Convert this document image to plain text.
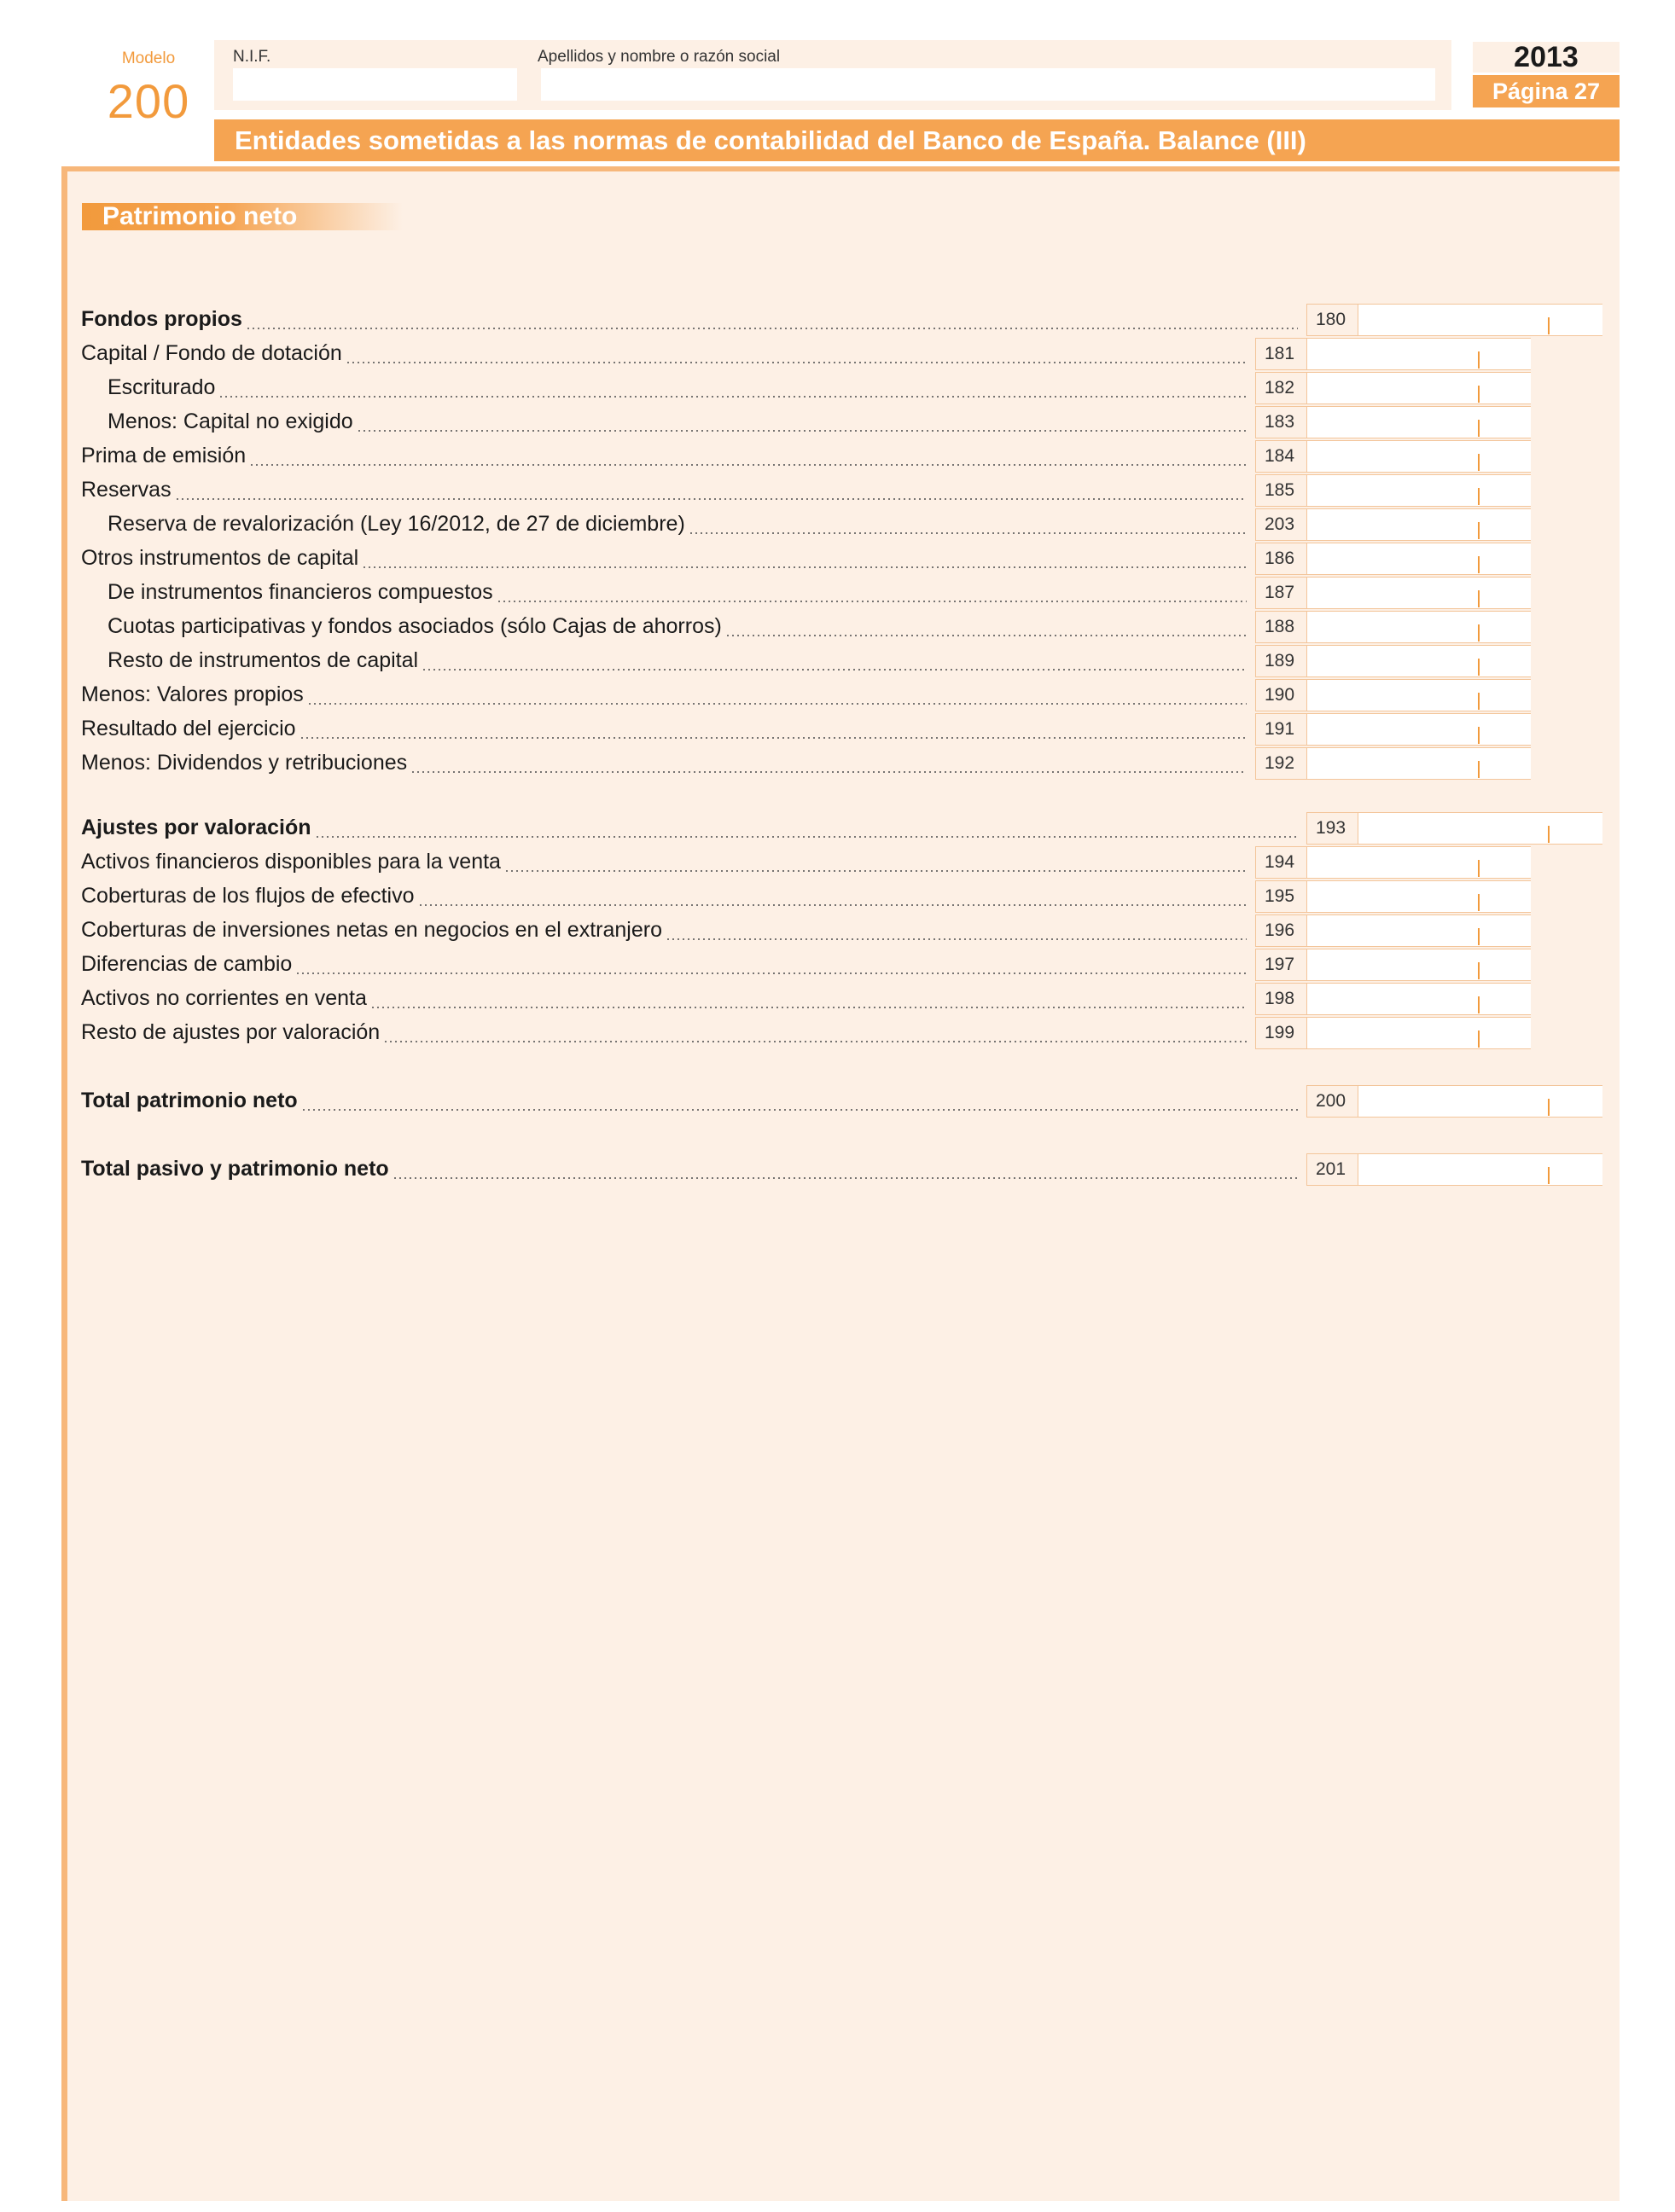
Modelo
200
N.I.F.	Apellidos y nombre o razón social	2013
Página 27
Entidades sometidas a las normas de contabilidad del Banco de España. Balance (III)
Patrimonio neto
Fondos propios	180
Capital / Fondo de dotación	181
Escriturado	182
Menos: Capital no exigido	183
Prima de emisión	184
Reservas	185
Reserva de revalorización (Ley 16/2012, de 27 de diciembre)	203
Otros instrumentos de capital	186
De instrumentos financieros compuestos	187
Cuotas participativas y fondos asociados (sólo Cajas de ahorros)	188
Resto de instrumentos de capital	189
Menos: Valores propios	190
Resultado del ejercicio	191
Menos: Dividendos y retribuciones	192
Ajustes por valoración	193
Activos financieros disponibles para la venta	194
Coberturas de los flujos de efectivo	195
Coberturas de inversiones netas en negocios en el extranjero	196
Diferencias de cambio	197
Activos no corrientes en venta	198
Resto de ajustes por valoración	199
Total patrimonio neto	200
Total pasivo y patrimonio neto	201
